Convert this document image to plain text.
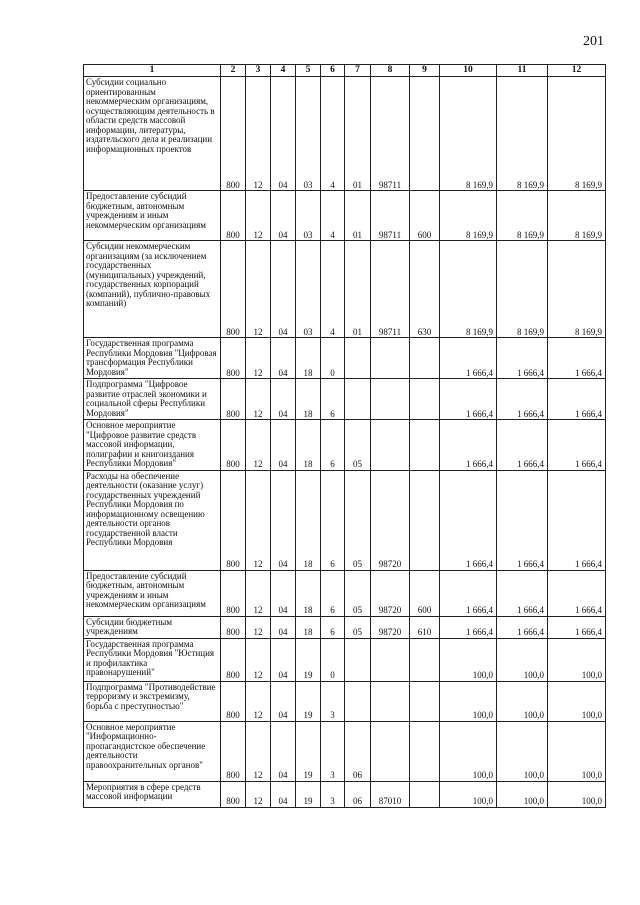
201
1	2	3	4	5	6	7	8	9	10	11	12
Субсидии социально ориентированным некоммерческим организациям, осуществляющим деятельность в области средств массовой информации, литературы, издательского дела и реализации информационных проектов	800	12	04	03	4	01	98711		8 169,9	8 169,9	8 169,9
Предоставление субсидий бюджетным, автономным учреждениям и иным некоммерческим организациям	800	12	04	03	4	01	98711	600	8 169,9	8 169,9	8 169,9
Субсидии некоммерческим организациям (за исключением государственных (муниципальных) учреждений, государственных корпораций (компаний), публично-правовых компаний)	800	12	04	03	4	01	98711	630	8 169,9	8 169,9	8 169,9
Государственная программа Республики Мордовия "Цифровая трансформация Республики Мордовия"	800	12	04	18	0				1 666,4	1 666,4	1 666,4
Подпрограмма "Цифровое развитие отраслей экономики и социальной сферы Республики Мордовия"	800	12	04	18	6				1 666,4	1 666,4	1 666,4
Основное мероприятие "Цифровое развитие средств массовой информации, полиграфии и книгоиздания Республики Мордовия"	800	12	04	18	6	05			1 666,4	1 666,4	1 666,4
Расходы на обеспечение деятельности (оказание услуг) государственных учреждений Республики Мордовия по информационному освещению деятельности органов государственной власти Республики Мордовия	800	12	04	18	6	05	98720		1 666,4	1 666,4	1 666,4
Предоставление субсидий бюджетным, автономным учреждениям и иным некоммерческим организациям	800	12	04	18	6	05	98720	600	1 666,4	1 666,4	1 666,4
Субсидии бюджетным учреждениям	800	12	04	18	6	05	98720	610	1 666,4	1 666,4	1 666,4
Государственная программа Республики Мордовия "Юстиция и профилактика правонарушений"	800	12	04	19	0				100,0	100,0	100,0
Подпрограмма "Противодействие терроризму и экстремизму, борьба с преступностью"	800	12	04	19	3				100,0	100,0	100,0
Основное мероприятие "Информационно-пропагандистское обеспечение деятельности правоохранительных органов"	800	12	04	19	3	06			100,0	100,0	100,0
Мероприятия в сфере средств массовой информации	800	12	04	19	3	06	87010		100,0	100,0	100,0
